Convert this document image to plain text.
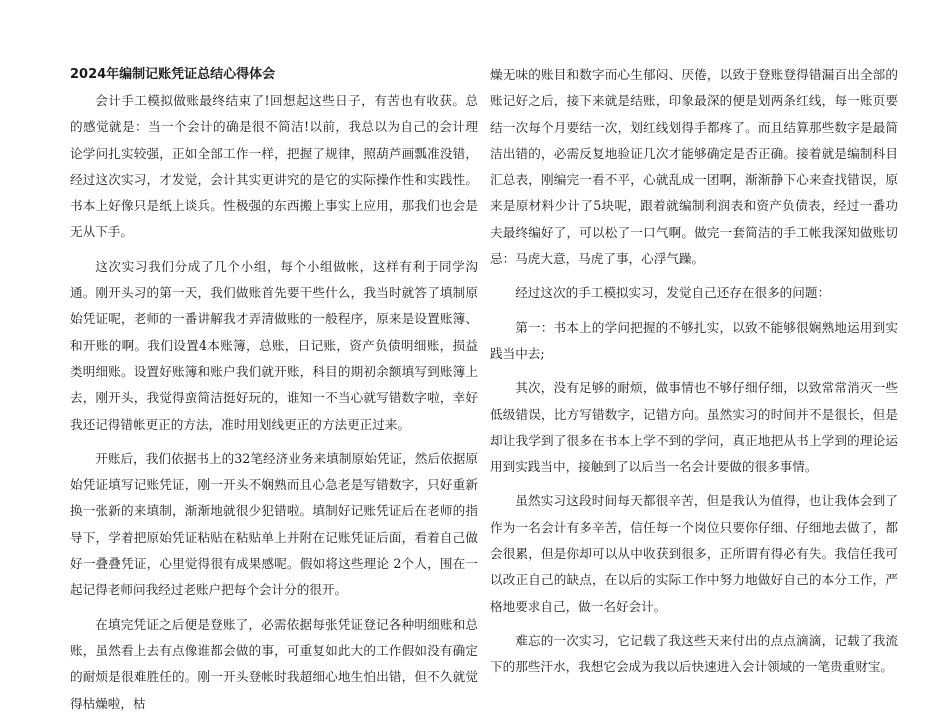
2024年编制记账凭证总结心得体会

会计手工模拟做账最终结束了!回想起这些日子，有苦也有收获。总的感觉就是：当一个会计的确是很不简洁!以前，我总以为自己的会计理论学问扎实较强，正如全部工作一样，把握了规律，照葫芦画瓢准没错，经过这次实习，才发觉，会计其实更讲究的是它的实际操作性和实践性。书本上好像只是纸上谈兵。性极强的东西搬上事实上应用，那我们也会是无从下手。

这次实习我们分成了几个小组，每个小组做帐，这样有利于同学沟通。刚开头习的第一天，我们做账首先要干些什么，我当时就答了填制原始凭证呢，老师的一番讲解我才弄清做账的一般程序，原来是设置账簿、和开账的啊。我们设置4本账簿，总账，日记账，资产负债明细账，损益类明细账。设置好账簿和账户我们就开账，科目的期初余额填写到账簿上去，刚开头，我觉得蛮简洁挺好玩的，谁知一不当心就写错数字啦，幸好我还记得错帐更正的方法，准时用划线更正的方法更正过来。

开账后，我们依据书上的32笔经济业务来填制原始凭证，然后依据原始凭证填写记账凭证，刚一开头不娴熟而且心急老是写错数字，只好重新换一张新的来填制，渐渐地就很少犯错啦。填制好记账凭证后在老师的指导下，学着把原始凭证粘贴在粘贴单上并附在记账凭证后面，看着自己做好一叠叠凭证，心里觉得很有成果感呢。假如将这些理论 2个人，围在一起记得老师问我经过老账户把每个会计分的很开。

在填完凭证之后便是登账了，必需依据每张凭证登记各种明细账和总账，虽然看上去有点像谁都会做的事，可重复如此大的工作假如没有确定的耐烦是很难胜任的。刚一开头登帐时我超细心地生怕出错，但不久就觉得枯燥啦，枯

燥无味的账目和数字而心生郁闷、厌倦，以致于登账登得错漏百出全部的账记好之后，接下来就是结账，印象最深的便是划两条红线，每一账页要结一次每个月要结一次，划红线划得手都疼了。而且结算那些数字是最简洁出错的，必需反复地验证几次才能够确定是否正确。接着就是编制科目汇总表，刚编完一看不平，心就乱成一团啊，渐渐静下心来查找错误，原来是原材料少计了5块呢，跟着就编制利润表和资产负债表，经过一番功夫最终编好了，可以松了一口气啊。做完一套简洁的手工帐我深知做账切忌：马虎大意，马虎了事，心浮气躁。

经过这次的手工模拟实习，发觉自己还存在很多的问题：

第一：书本上的学问把握的不够扎实，以致不能够很娴熟地运用到实践当中去;

其次，没有足够的耐烦，做事情也不够仔细仔细，以致常常消灭一些低级错误，比方写错数字，记错方向。虽然实习的时间并不是很长，但是却让我学到了很多在书本上学不到的学问，真正地把从书上学到的理论运用到实践当中，接触到了以后当一名会计要做的很多事情。

虽然实习这段时间每天都很辛苦，但是我认为值得，也让我体会到了作为一名会计有多辛苦，信任每一个岗位只要你仔细、仔细地去做了，都会很累，但是你却可以从中收获到很多，正所谓有得必有失。我信任我可以改正自己的缺点，在以后的实际工作中努力地做好自己的本分工作，严格地要求自己，做一名好会计。

难忘的一次实习，它记载了我这些天来付出的点点滴滴，记载了我流下的那些汗水，我想它会成为我以后快速进入会计领域的一笔贵重财宝。
